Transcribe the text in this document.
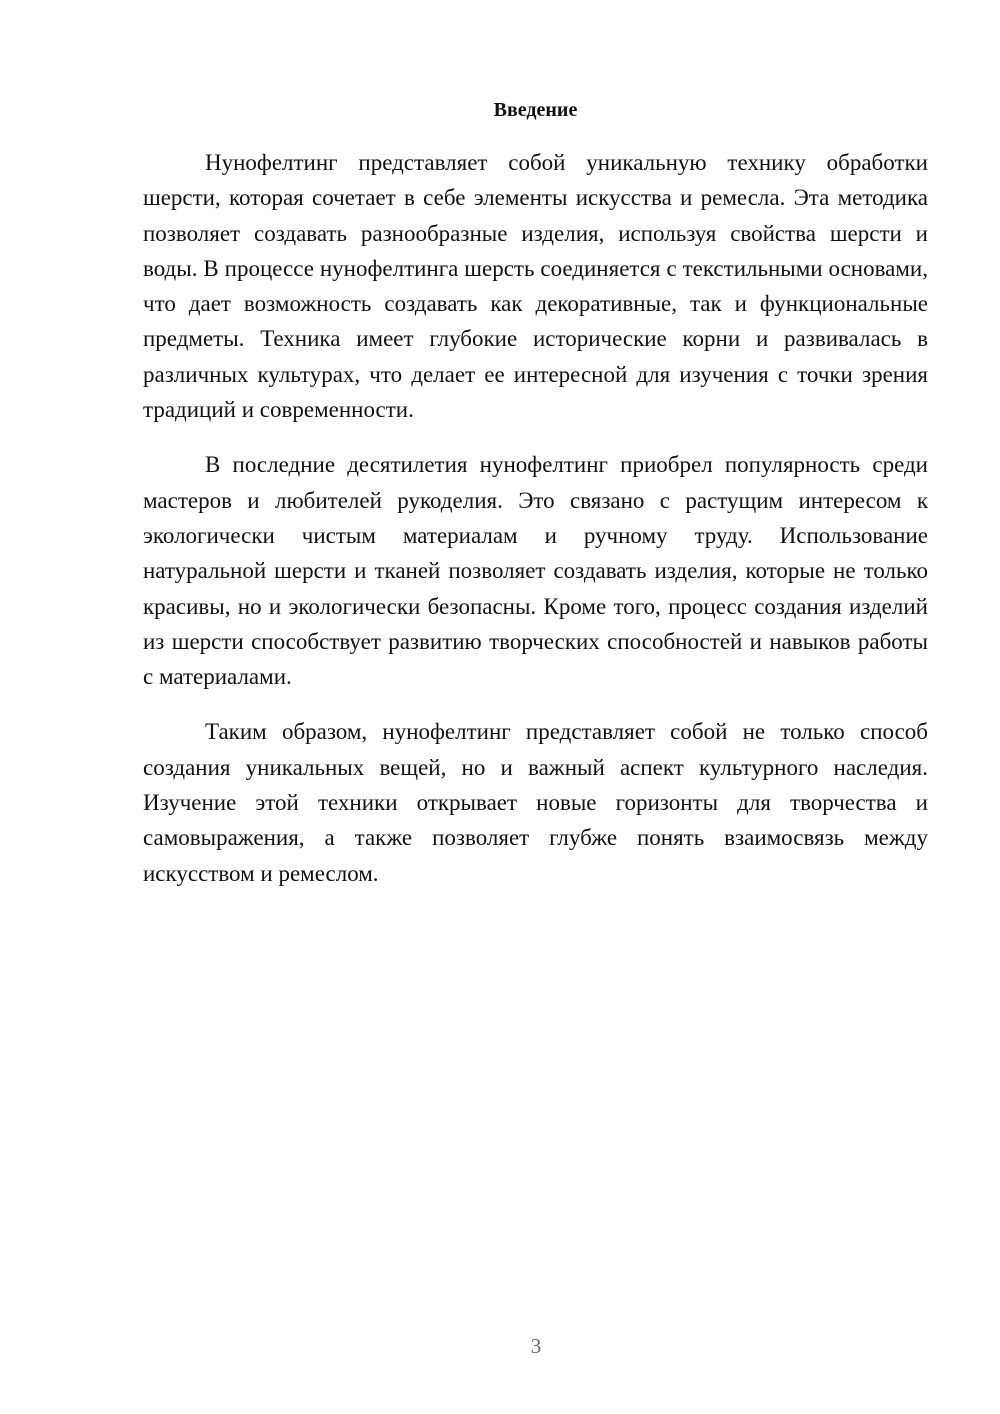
Введение

Нунофелтинг представляет собой уникальную технику обработки шерсти, которая сочетает в себе элементы искусства и ремесла. Эта методика позволяет создавать разнообразные изделия, используя свойства шерсти и воды. В процессе нунофелтинга шерсть соединяется с текстильными основами, что дает возможность создавать как декоративные, так и функциональные предметы. Техника имеет глубокие исторические корни и развивалась в различных культурах, что делает ее интересной для изучения с точки зрения традиций и современности.

В последние десятилетия нунофелтинг приобрел популярность среди мастеров и любителей рукоделия. Это связано с растущим интересом к экологически чистым материалам и ручному труду. Использование натуральной шерсти и тканей позволяет создавать изделия, которые не только красивы, но и экологически безопасны. Кроме того, процесс создания изделий из шерсти способствует развитию творческих способностей и навыков работы с материалами.

Таким образом, нунофелтинг представляет собой не только способ создания уникальных вещей, но и важный аспект культурного наследия. Изучение этой техники открывает новые горизонты для творчества и самовыражения, а также позволяет глубже понять взаимосвязь между искусством и ремеслом.

3
